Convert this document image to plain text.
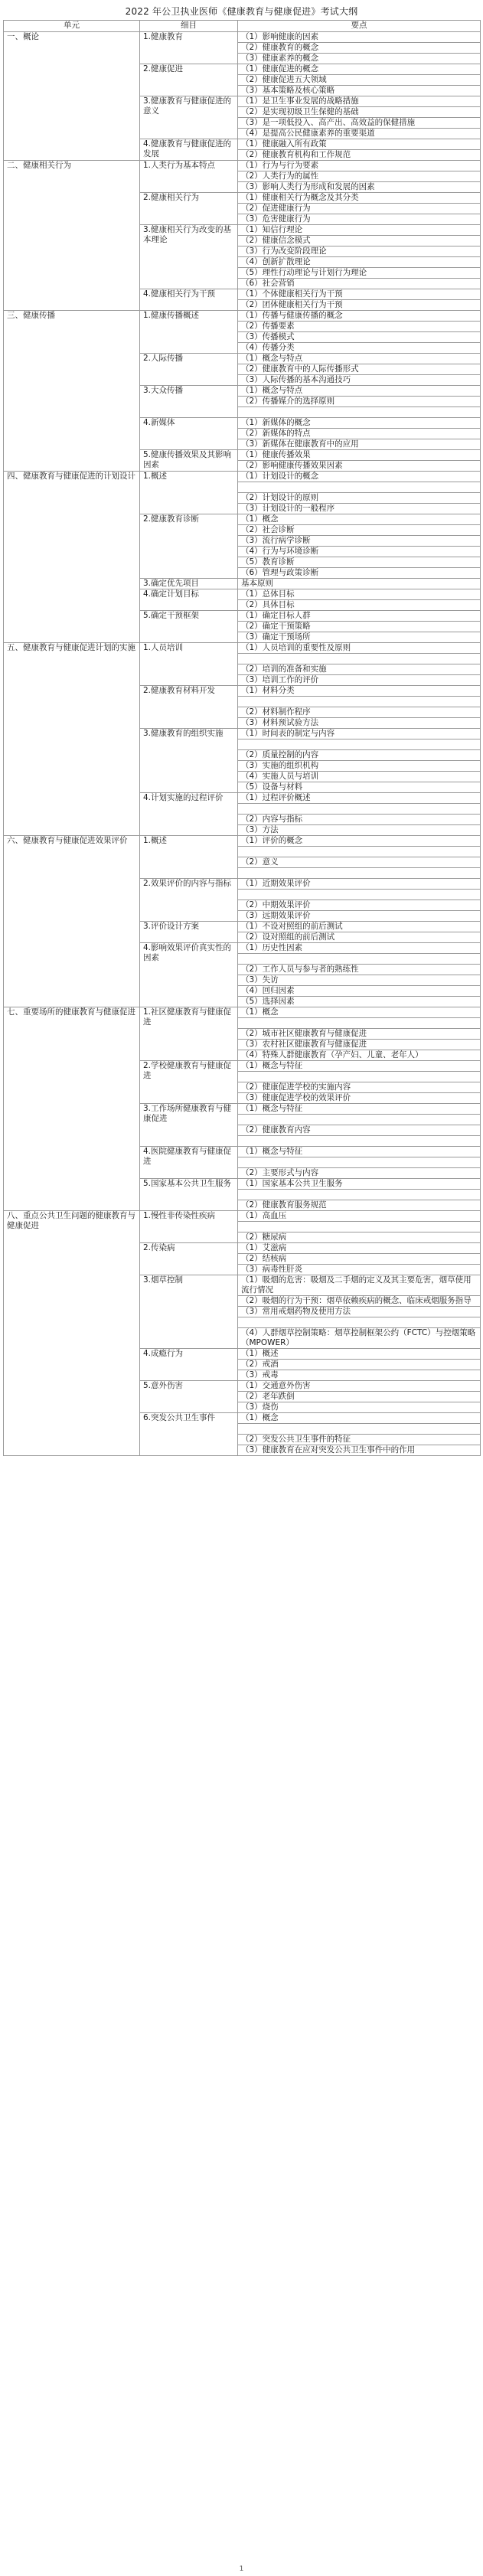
2022 年公卫执业医师《健康教育与健康促进》考试大纲
单元	细目	要点
一、概论	1.健康教育	（1）影响健康的因素
		（2）健康教育的概念
		（3）健康素养的概念
	2.健康促进	（1）健康促进的概念
		（2）健康促进五大领域
		（3）基本策略及核心策略
	3.健康教育与健康促进的意义	（1）是卫生事业发展的战略措施
		（2）是实现初级卫生保健的基础
		（3）是一项低投入、高产出、高效益的保健措施
		（4）是提高公民健康素养的重要渠道
	4.健康教育与健康促进的发展	（1）健康融入所有政策
		（2）健康教育机构和工作规范
二、健康相关行为	1.人类行为基本特点	（1）行为与行为要素
		（2）人类行为的属性
		（3）影响人类行为形成和发展的因素
	2.健康相关行为	（1）健康相关行为概念及其分类
		（2）促进健康行为
		（3）危害健康行为
	3.健康相关行为改变的基本理论	（1）知信行理论
		（2）健康信念模式
		（3）行为改变阶段理论
		（4）创新扩散理论
		（5）理性行动理论与计划行为理论
		（6）社会营销
	4.健康相关行为干预	（1）个体健康相关行为干预
		（2）团体健康相关行为干预
三、健康传播	1.健康传播概述	（1）传播与健康传播的概念
		（2）传播要素
		（3）传播模式
		（4）传播分类
	2.人际传播	（1）概念与特点
		（2）健康教育中的人际传播形式
		（3）人际传播的基本沟通技巧
	3.大众传播	（1）概念与特点
		（2）传播媒介的选择原则

	4.新媒体	（1）新媒体的概念
		（2）新媒体的特点
		（3）新媒体在健康教育中的应用
	5.健康传播效果及其影响因素	（1）健康传播效果
		（2）影响健康传播效果因素
四、健康教育与健康促进的计划设计	1.概述	（1）计划设计的概念

		（2）计划设计的原则
		（3）计划设计的一般程序
	2.健康教育诊断	（1）概念
		（2）社会诊断
		（3）流行病学诊断
		（4）行为与环境诊断
		（5）教育诊断
		（6）管理与政策诊断
	3.确定优先项目	基本原则
	4.确定计划目标	（1）总体目标
		（2）具体目标
	5.确定干预框架	（1）确定目标人群
		（2）确定干预策略
		（3）确定干预场所
五、健康教育与健康促进计划的实施	1.人员培训	（1）人员培训的重要性及原则

		（2）培训的准备和实施
		（3）培训工作的评价
	2.健康教育材料开发	（1）材料分类

		（2）材料制作程序
		（3）材料预试验方法
	3.健康教育的组织实施	（1）时间表的制定与内容

		（2）质量控制的内容
		（3）实施的组织机构
		（4）实施人员与培训
		（5）设备与材料
	4.计划实施的过程评价	（1）过程评价概述

		（2）内容与指标
		（3）方法
六、健康教育与健康促进效果评价	1.概述	（1）评价的概念

		（2）意义

	2.效果评价的内容与指标	（1）近期效果评价

		（2）中期效果评价
		（3）远期效果评价
	3.评价设计方案	（1）不设对照组的前后测试
		（2）设对照组的前后测试
	4.影响效果评价真实性的因素	（1）历史性因素

		（2）工作人员与参与者的熟练性
		（3）失访
		（4）回归因素
		（5）选择因素
七、重要场所的健康教育与健康促进	1.社区健康教育与健康促进	（1）概念

		（2）城市社区健康教育与健康促进
		（3）农村社区健康教育与健康促进
		（4）特殊人群健康教育（孕产妇、儿童、老年人）
	2.学校健康教育与健康促进	（1）概念与特征

		（2）健康促进学校的实施内容
		（3）健康促进学校的效果评价
	3.工作场所健康教育与健康促进	（1）概念与特征

		（2）健康教育内容

	4.医院健康教育与健康促进	（1）概念与特征

		（2）主要形式与内容
	5.国家基本公共卫生服务	（1）国家基本公共卫生服务

		（2）健康教育服务规范
八、重点公共卫生问题的健康教育与健康促进	1.慢性非传染性疾病	（1）高血压

		（2）糖尿病
	2.传染病	（1）艾滋病
		（2）结核病
		（3）病毒性肝炎
	3.烟草控制	（1）吸烟的危害：吸烟及二手烟的定义及其主要危害，烟草使用流行情况
		（2）吸烟的行为干预：烟草依赖疾病的概念、临床戒烟服务指导
		（3）常用戒烟药物及使用方法

		（4）人群烟草控制策略：烟草控制框架公约（FCTC）与控烟策略（MPOWER）
	4.成瘾行为	（1）概述
		（2）戒酒
		（3）戒毒
	5.意外伤害	（1）交通意外伤害
		（2）老年跌倒
		（3）烧伤
	6.突发公共卫生事件	（1）概念

		（2）突发公共卫生事件的特征
		（3）健康教育在应对突发公共卫生事件中的作用
1
